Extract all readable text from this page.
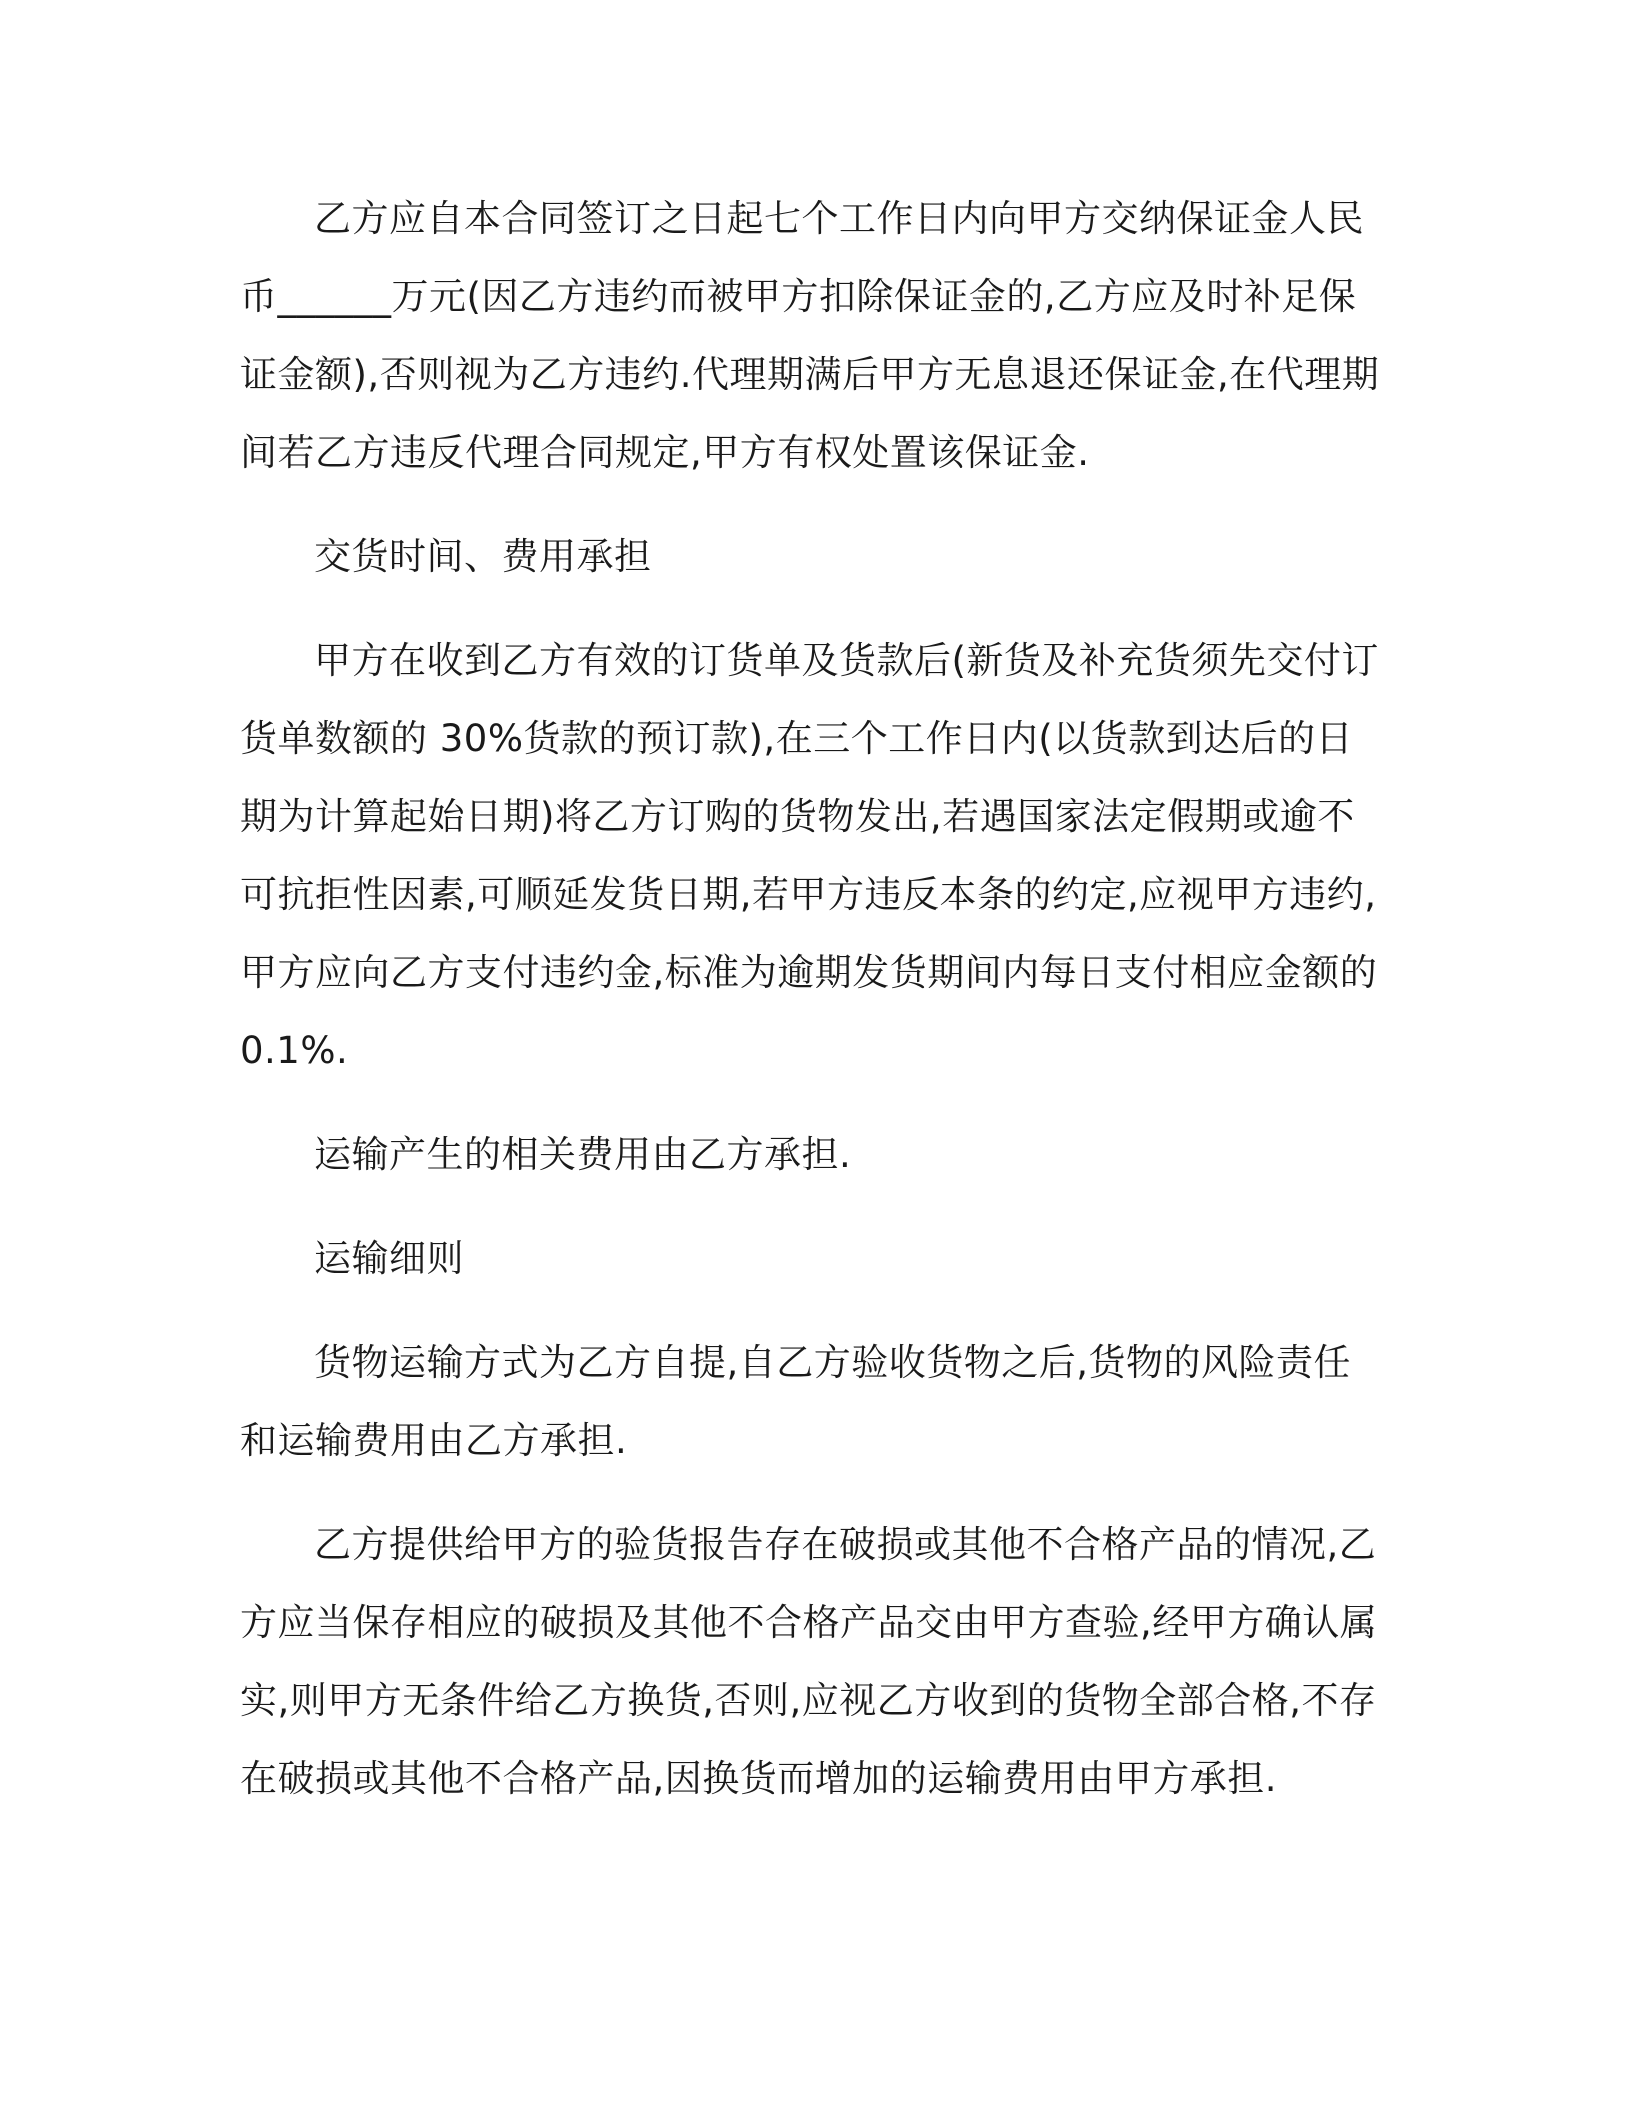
乙方应自本合同签订之日起七个工作日内向甲方交纳保证金人民币______万元(因乙方违约而被甲方扣除保证金的,乙方应及时补足保证金额),否则视为乙方违约.代理期满后甲方无息退还保证金,在代理期间若乙方违反代理合同规定,甲方有权处置该保证金.

交货时间、费用承担

甲方在收到乙方有效的订货单及货款后(新货及补充货须先交付订货单数额的 30%货款的预订款),在三个工作日内(以货款到达后的日期为计算起始日期)将乙方订购的货物发出,若遇国家法定假期或逾不可抗拒性因素,可顺延发货日期,若甲方违反本条的约定,应视甲方违约,甲方应向乙方支付违约金,标准为逾期发货期间内每日支付相应金额的0.1%.

运输产生的相关费用由乙方承担.

运输细则

货物运输方式为乙方自提,自乙方验收货物之后,货物的风险责任和运输费用由乙方承担.

乙方提供给甲方的验货报告存在破损或其他不合格产品的情况,乙方应当保存相应的破损及其他不合格产品交由甲方查验,经甲方确认属实,则甲方无条件给乙方换货,否则,应视乙方收到的货物全部合格,不存在破损或其他不合格产品,因换货而增加的运输费用由甲方承担.
